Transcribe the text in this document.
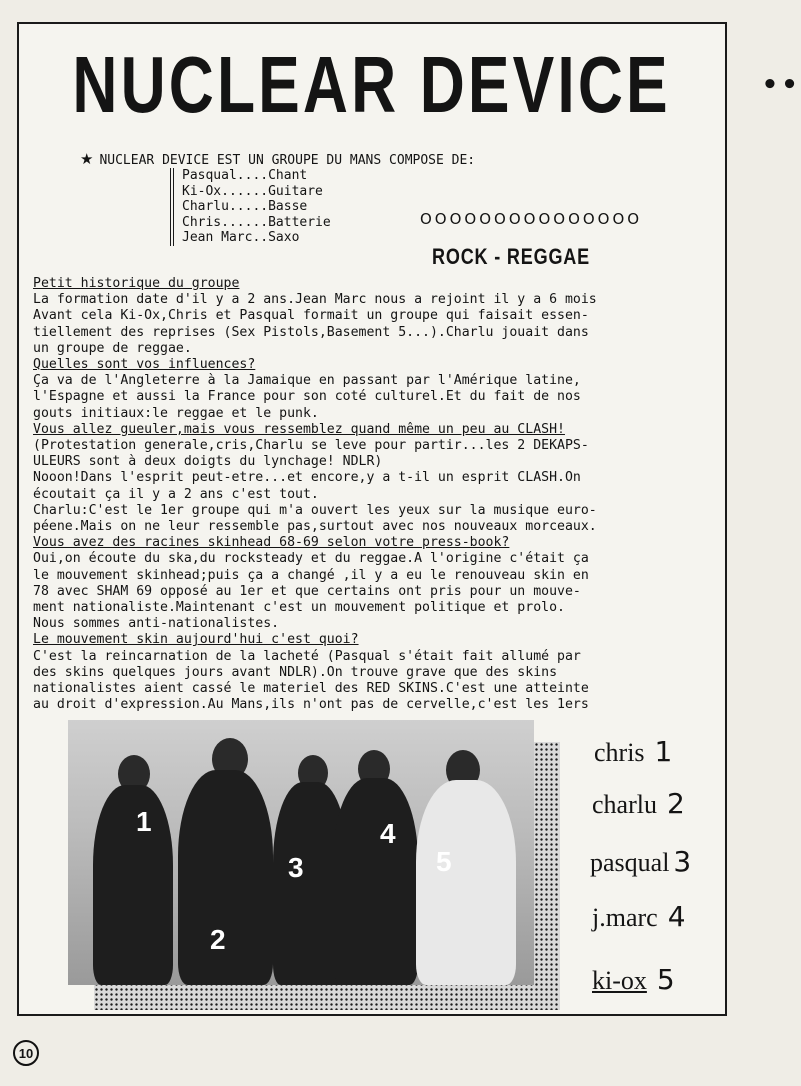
NUCLEAR DEVICE	••
★ NUCLEAR DEVICE EST UN GROUPE DU MANS COMPOSE DE:
Pasqual....Chant
Ki-Ox......Guitare
Charlu.....Basse
Chris......Batterie
Jean Marc..Saxo
OOOOOOOOOOOOOOO
ROCK - REGGAE
Petit historique du groupe
La formation date d'il y a 2 ans.Jean Marc nous a rejoint il y a 6 mois
Avant cela Ki-Ox,Chris et Pasqual formait un groupe qui faisait essen-
tiellement des reprises (Sex Pistols,Basement 5...).Charlu jouait dans
un groupe de reggae.
Quelles sont vos influences?
Ça va de l'Angleterre à la Jamaique en passant par l'Amérique latine,
l'Espagne et aussi la France pour son coté culturel.Et du fait de nos
gouts initiaux:le reggae et le punk.
Vous allez gueuler,mais vous ressemblez quand même un peu au CLASH!
(Protestation generale,cris,Charlu se leve pour partir...les 2 DEKAPS-
ULEURS sont à deux doigts du lynchage! NDLR)
Nooon!Dans l'esprit peut-etre...et encore,y a t-il un esprit CLASH.On
écoutait ça il y a 2 ans c'est tout.
Charlu:C'est le 1er groupe qui m'a ouvert les yeux sur la musique euro-
péene.Mais on ne leur ressemble pas,surtout avec nos nouveaux morceaux.
Vous avez des racines skinhead 68-69 selon votre press-book?
Oui,on écoute du ska,du rocksteady et du reggae.A l'origine c'était ça
le mouvement skinhead;puis ça a changé ,il y a eu le renouveau skin en
78 avec SHAM 69 opposé au 1er et que certains ont pris pour un mouve-
ment nationaliste.Maintenant c'est un mouvement politique et prolo.
Nous sommes anti-nationalistes.
Le mouvement skin aujourd'hui c'est quoi?
C'est la reincarnation de la lacheté (Pasqual s'était fait allumé par
des skins quelques jours avant NDLR).On trouve grave que des skins
nationalistes aient cassé le materiel des RED SKINS.C'est une atteinte
au droit d'expression.Au Mans,ils n'ont pas de cervelle,c'est les 1ers
1
2
3
4
5
chris 1
charlu 2
pasqual 3
j.marc 4
ki-ox 5
10
